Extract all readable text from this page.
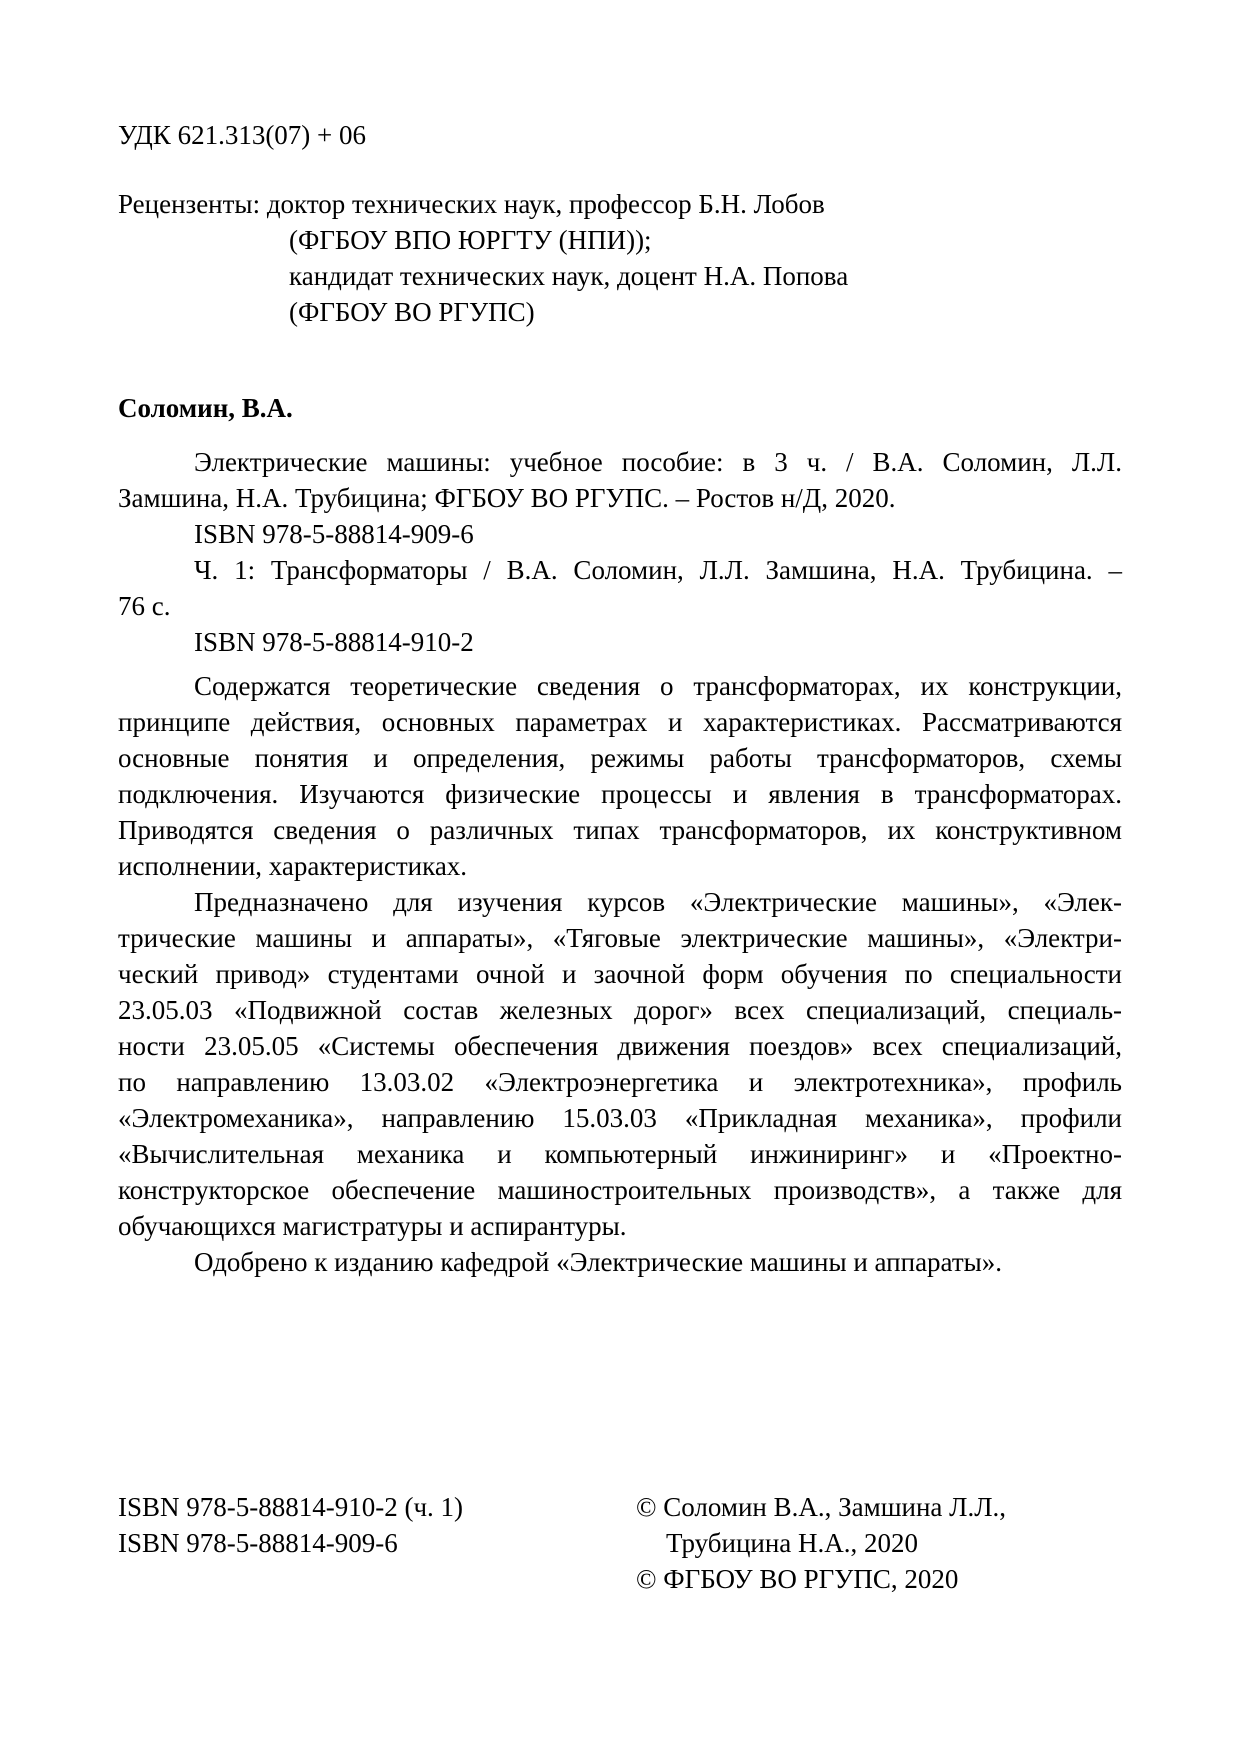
УДК 621.313(07) + 06
Рецензенты: доктор технических наук, профессор Б.Н. Лобов
(ФГБОУ ВПО ЮРГТУ (НПИ));
кандидат технических наук, доцент Н.А. Попова
(ФГБОУ ВО РГУПС)
Соломин, В.А.
Электрические машины: учебное пособие: в 3 ч. / В.А. Соломин, Л.Л.
Замшина, Н.А. Трубицина; ФГБОУ ВО РГУПС. – Ростов н/Д, 2020.
ISBN 978-5-88814-909-6
Ч. 1: Трансформаторы / В.А. Соломин, Л.Л. Замшина, Н.А. Трубицина. –
76 с.
ISBN 978-5-88814-910-2
Содержатся теоретические сведения о трансформаторах, их конструкции,
принципе действия, основных параметрах и характеристиках. Рассматриваются
основные понятия и определения, режимы работы трансформаторов, схемы
подключения. Изучаются физические процессы и явления в трансформаторах.
Приводятся сведения о различных типах трансформаторов, их конструктивном
исполнении, характеристиках.
Предназначено для изучения курсов «Электрические машины», «Элек-
трические машины и аппараты», «Тяговые электрические машины», «Электри-
ческий привод» студентами очной и заочной форм обучения по специальности
23.05.03 «Подвижной состав железных дорог» всех специализаций, специаль-
ности 23.05.05 «Системы обеспечения движения поездов» всех специализаций,
по направлению 13.03.02 «Электроэнергетика и электротехника», профиль
«Электромеханика», направлению 15.03.03 «Прикладная механика», профили
«Вычислительная механика и компьютерный инжиниринг» и «Проектно-
конструкторское обеспечение машиностроительных производств», а также для
обучающихся магистратуры и аспирантуры.
Одобрено к изданию кафедрой «Электрические машины и аппараты».
ISBN 978-5-88814-910-2 (ч. 1)
ISBN 978-5-88814-909-6
© Соломин В.А., Замшина Л.Л.,
Трубицина Н.А., 2020
© ФГБОУ ВО РГУПС, 2020
